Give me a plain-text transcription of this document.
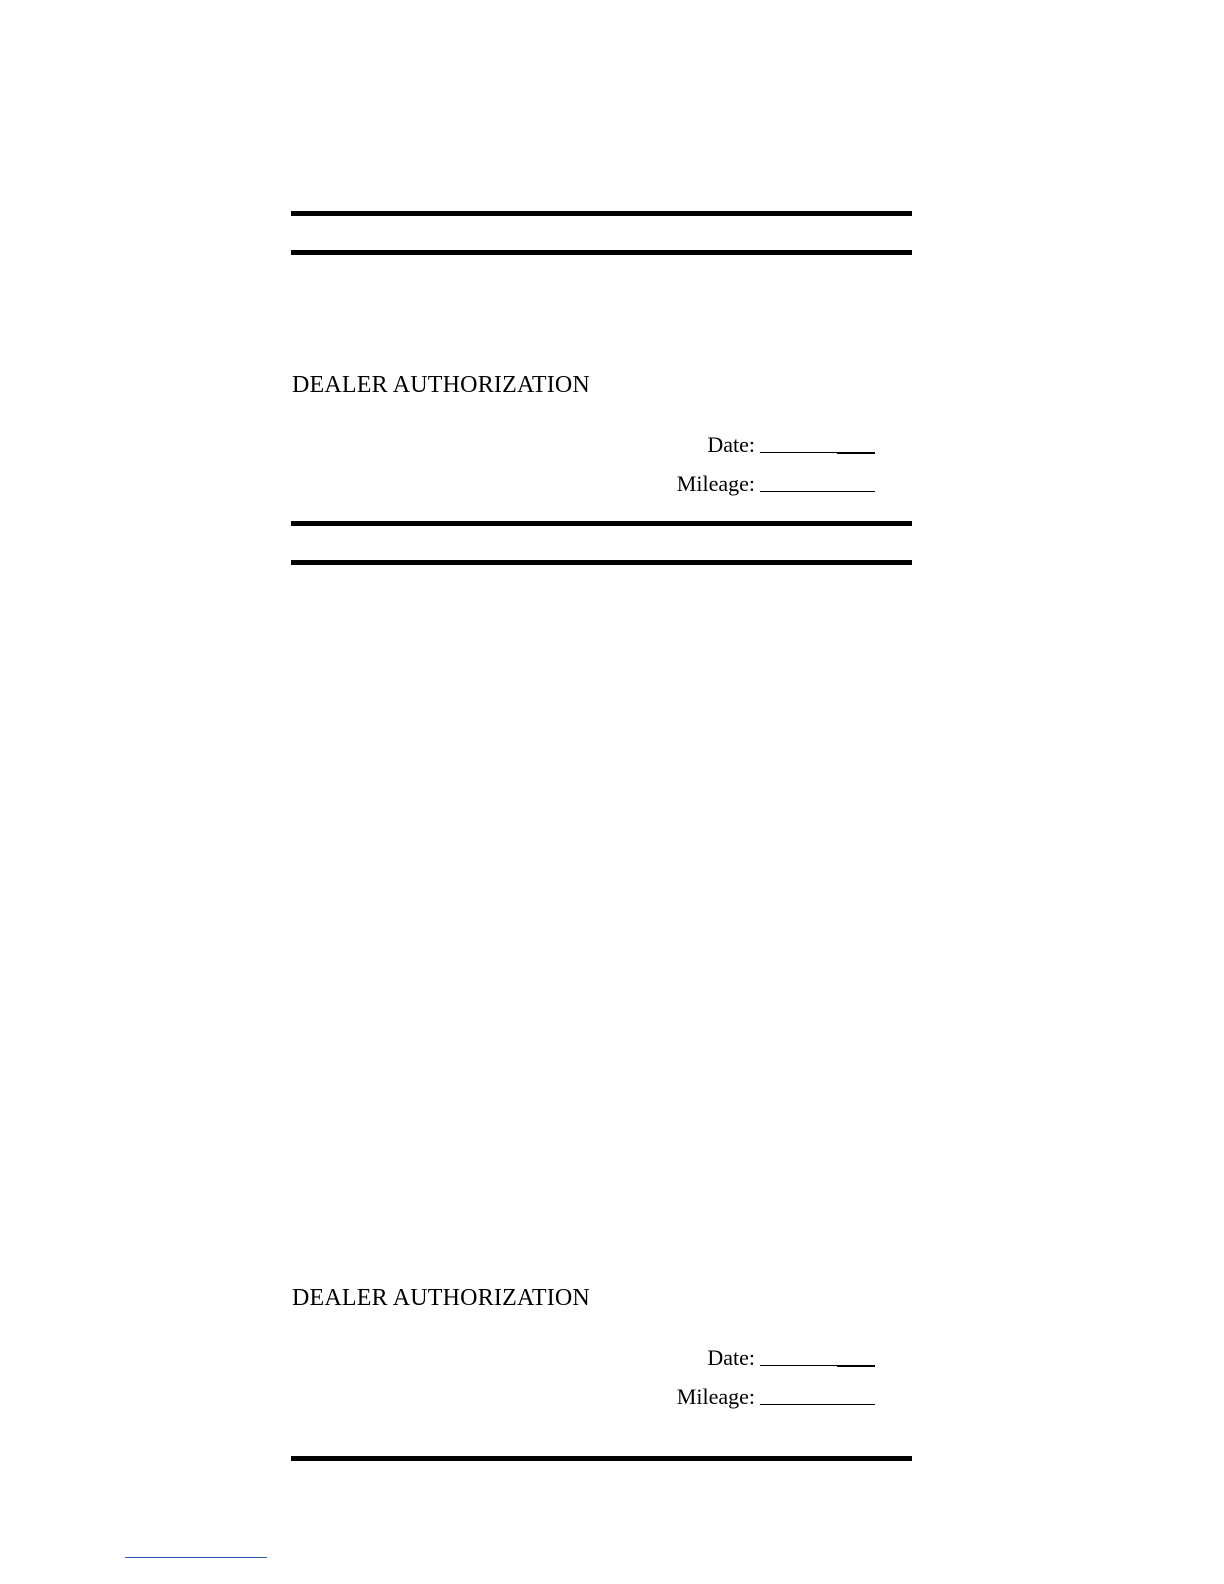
DEALER AUTHORIZATION
Date:
Mileage:
DEALER AUTHORIZATION
Date:
Mileage:
